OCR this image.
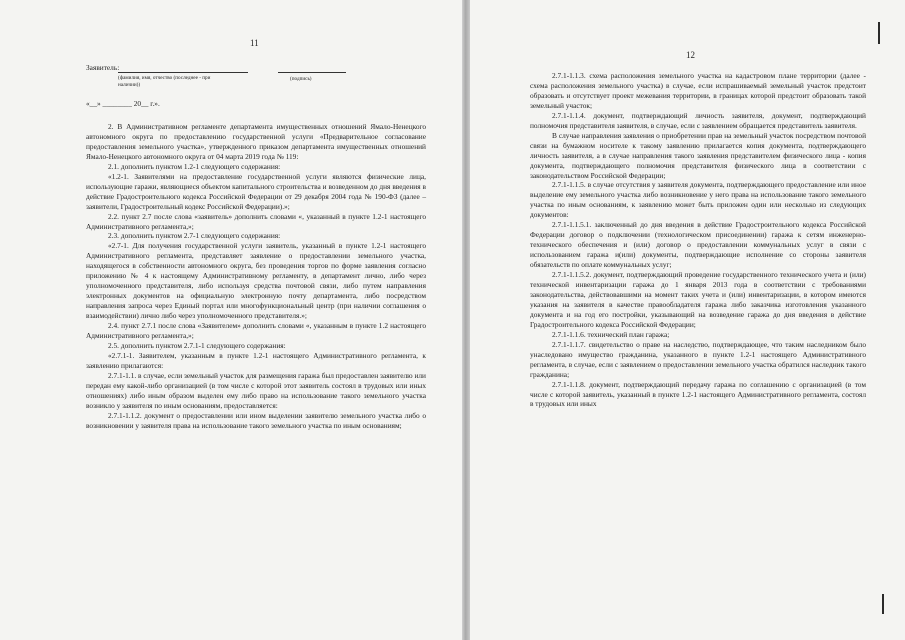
11
Заявитель:
(фамилия, имя, отчество (последнее - при наличии))
(подпись)
«__» ________ 20__ г.».

2. В Административном регламенте департамента имущественных отношений Ямало-Ненецкого автономного округа по предоставлению государственной услуги «Предварительное согласование предоставления земельного участка», утвержденного приказом департамента имущественных отношений Ямало-Ненецкого автономного округа от 04 марта 2019 года № 119:

2.1. дополнить пунктом 1.2-1 следующего содержания:

«1.2-1. Заявителями на предоставление государственной услуги являются физические лица, использующие гаражи, являющиеся объектом капитального строительства и возведенном до дня введения в действие Градостроительного кодекса Российской Федерации от 29 декабря 2004 года № 190-ФЗ (далее – заявители, Градостроительный кодекс Российской Федерации).»;

2.2. пункт 2.7 после слова «заявитель» дополнить словами «, указанный в пункте 1.2-1 настоящего Административного регламента,»;

2.3. дополнить пунктом 2.7-1 следующего содержания:

«2.7-1. Для получения государственной услуги заявитель, указанный в пункте 1.2-1 настоящего Административного регламента, представляет заявление о предоставлении земельного участка, находящегося в собственности автономного округа, без проведения торгов по форме заявления согласно приложению № 4 к настоящему Административному регламенту, в департамент лично, либо через уполномоченного представителя, либо используя средства почтовой связи, либо путем направления электронных документов на официальную электронную почту департамента, либо посредством направления запроса через Единый портал или многофункциональный центр (при наличии соглашения о взаимодействии) лично либо через уполномоченного представителя.»;

2.4. пункт 2.7.1 после слова «Заявителем» дополнить словами «, указанным в пункте 1.2 настоящего Административного регламента,»;

2.5. дополнить пунктом 2.7.1-1 следующего содержания:

«2.7.1-1. Заявителем, указанным в пункте 1.2-1 настоящего Административного регламента, к заявлению прилагаются:

2.7.1-1.1. в случае, если земельный участок для размещения гаража был предоставлен заявителю или передан ему какой-либо организацией (в том числе с которой этот заявитель состоял в трудовых или иных отношениях) либо иным образом выделен ему либо право на использование такого земельного участка возникло у заявителя по иным основаниям, предоставляется:

2.7.1-1.1.2. документ о предоставлении или ином выделении заявителю земельного участка либо о возникновении у заявителя права на использование такого земельного участка по иным основаниям;

12

2.7.1-1.1.3. схема расположения земельного участка на кадастровом плане территории (далее - схема расположения земельного участка) в случае, если испрашиваемый земельный участок предстоит образовать и отсутствует проект межевания территории, в границах которой предстоит образовать такой земельный участок;

2.7.1-1.1.4. документ, подтверждающий личность заявителя, документ, подтверждающий полномочия представителя заявителя, в случае, если с заявлением обращается представитель заявителя.

В случае направления заявления о приобретении прав на земельный участок посредством почтовой связи на бумажном носителе к такому заявлению прилагается копия документа, подтверждающего личность заявителя, а в случае направления такого заявления представителем физического лица - копия документа, подтверждающего полномочия представителя физического лица в соответствии с законодательством Российской Федерации;

2.7.1-1.1.5. в случае отсутствия у заявителя документа, подтверждающего предоставление или иное выделение ему земельного участка либо возникновение у него права на использование такого земельного участка по иным основаниям, к заявлению может быть приложен один или несколько из следующих документов:

2.7.1-1.1.5.1. заключенный до дня введения в действие Градостроительного кодекса Российской Федерации договор о подключении (технологическом присоединении) гаража к сетям инженерно-технического обеспечения и (или) договор о предоставлении коммунальных услуг в связи с использованием гаража и(или) документы, подтверждающие исполнение со стороны заявителя обязательств по оплате коммунальных услуг;

2.7.1-1.1.5.2. документ, подтверждающий проведение государственного технического учета и (или) технической инвентаризации гаража до 1 января 2013 года в соответствии с требованиями законодательства, действовавшими на момент таких учета и (или) инвентаризации, в котором имеются указания на заявителя в качестве правообладателя гаража либо заказчика изготовления указанного документа и на год его постройки, указывающий на возведение гаража до дня введения в действие Градостроительного кодекса Российской Федерации;

2.7.1-1.1.6. технический план гаража;

2.7.1-1.1.7. свидетельство о праве на наследство, подтверждающее, что таким наследником было унаследовано имущество гражданина, указанного в пункте 1.2-1 настоящего Административного регламента, в случае, если с заявлением о предоставлении земельного участка обратился наследник такого гражданина;

2.7.1-1.1.8. документ, подтверждающий передачу гаража по соглашению с организацией (в том числе с которой заявитель, указанный в пункте 1.2-1 настоящего Административного регламента, состоял в трудовых или иных
